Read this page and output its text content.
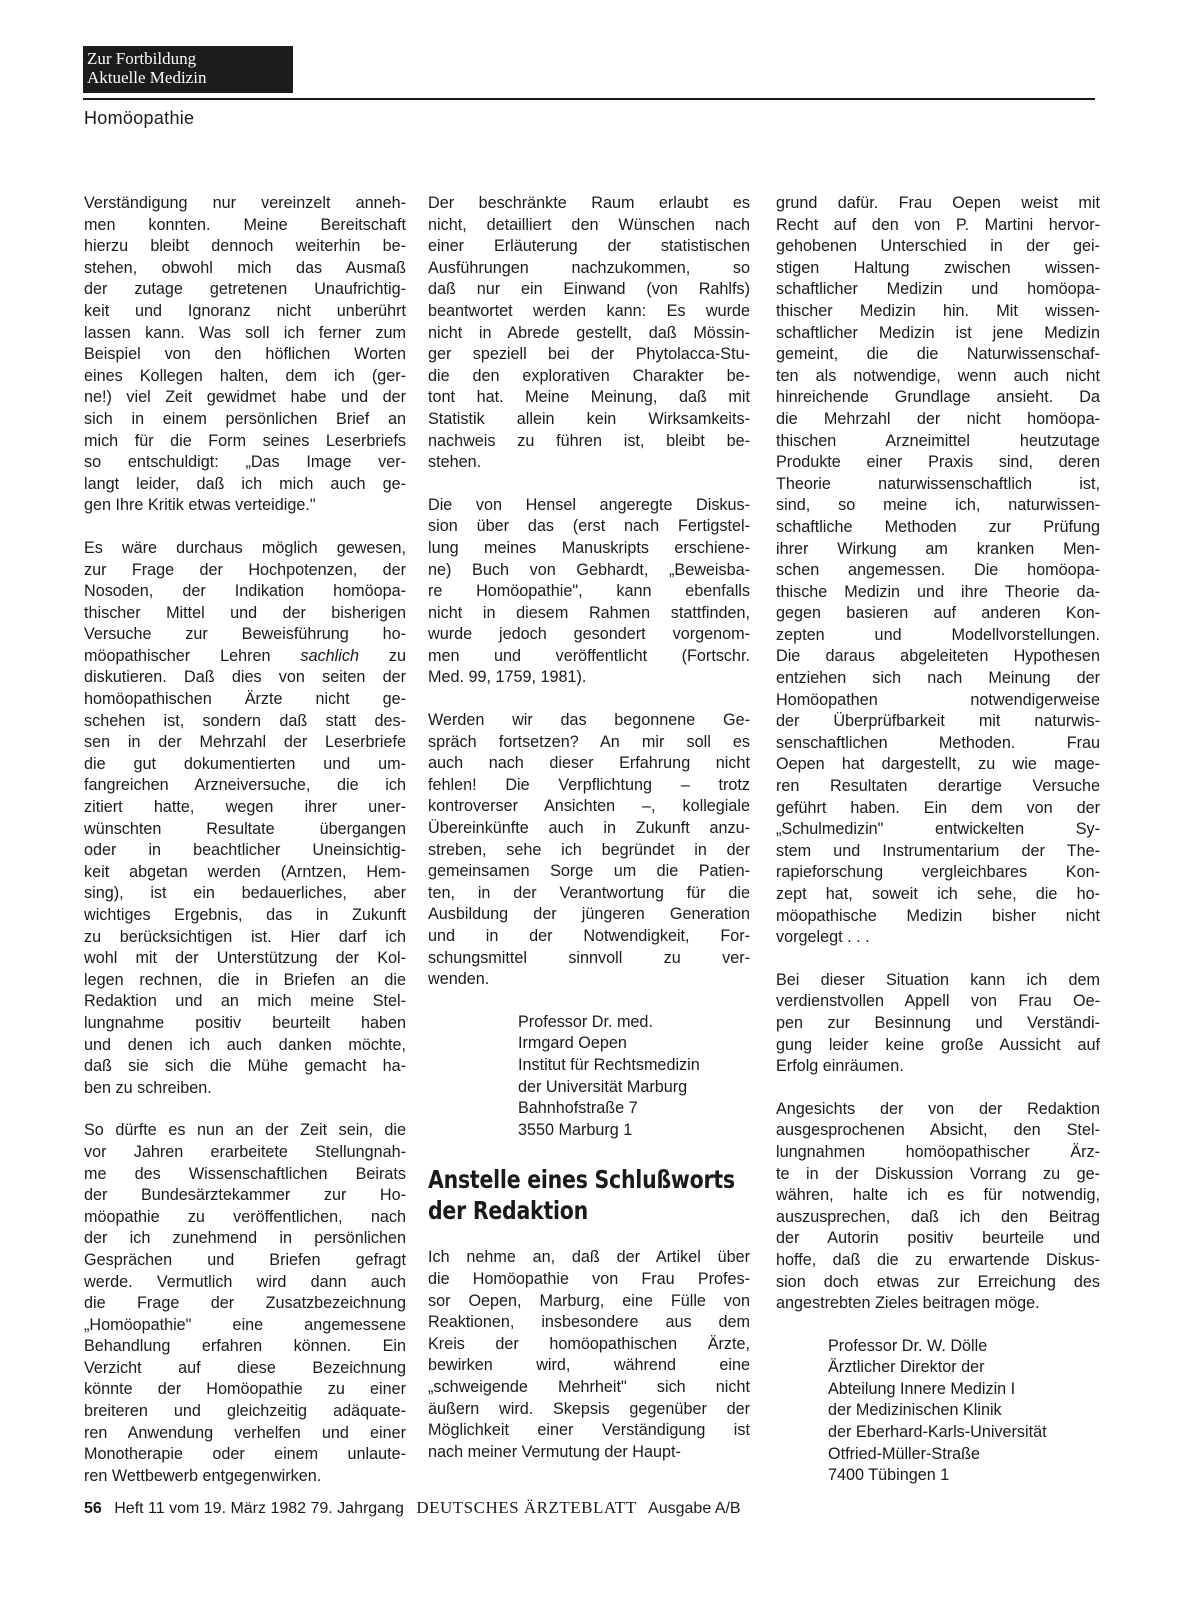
Zur Fortbildung
Aktuelle Medizin
Homöopathie

Verständigung nur vereinzelt anneh-
men konnten. Meine Bereitschaft
hierzu bleibt dennoch weiterhin be-
stehen, obwohl mich das Ausmaß
der zutage getretenen Unaufrichtig-
keit und Ignoranz nicht unberührt
lassen kann. Was soll ich ferner zum
Beispiel von den höflichen Worten
eines Kollegen halten, dem ich (ger-
ne!) viel Zeit gewidmet habe und der
sich in einem persönlichen Brief an
mich für die Form seines Leserbriefs
so entschuldigt: „Das Image ver-
langt leider, daß ich mich auch ge-
gen Ihre Kritik etwas verteidige."

Es wäre durchaus möglich gewesen,
zur Frage der Hochpotenzen, der
Nosoden, der Indikation homöopa-
thischer Mittel und der bisherigen
Versuche zur Beweisführung ho-
möopathischer Lehren sachlich zu
diskutieren. Daß dies von seiten der
homöopathischen Ärzte nicht ge-
schehen ist, sondern daß statt des-
sen in der Mehrzahl der Leserbriefe
die gut dokumentierten und um-
fangreichen Arzneiversuche, die ich
zitiert hatte, wegen ihrer uner-
wünschten Resultate übergangen
oder in beachtlicher Uneinsichtig-
keit abgetan werden (Arntzen, Hem-
sing), ist ein bedauerliches, aber
wichtiges Ergebnis, das in Zukunft
zu berücksichtigen ist. Hier darf ich
wohl mit der Unterstützung der Kol-
legen rechnen, die in Briefen an die
Redaktion und an mich meine Stel-
lungnahme positiv beurteilt haben
und denen ich auch danken möchte,
daß sie sich die Mühe gemacht ha-
ben zu schreiben.

So dürfte es nun an der Zeit sein, die
vor Jahren erarbeitete Stellungnah-
me des Wissenschaftlichen Beirats
der Bundesärztekammer zur Ho-
möopathie zu veröffentlichen, nach
der ich zunehmend in persönlichen
Gesprächen und Briefen gefragt
werde. Vermutlich wird dann auch
die Frage der Zusatzbezeichnung
„Homöopathie" eine angemessene
Behandlung erfahren können. Ein
Verzicht auf diese Bezeichnung
könnte der Homöopathie zu einer
breiteren und gleichzeitig adäquate-
ren Anwendung verhelfen und einer
Monotherapie oder einem unlaute-
ren Wettbewerb entgegenwirken.

Der beschränkte Raum erlaubt es
nicht, detailliert den Wünschen nach
einer Erläuterung der statistischen
Ausführungen nachzukommen, so
daß nur ein Einwand (von Rahlfs)
beantwortet werden kann: Es wurde
nicht in Abrede gestellt, daß Mössin-
ger speziell bei der Phytolacca-Stu-
die den explorativen Charakter be-
tont hat. Meine Meinung, daß mit
Statistik allein kein Wirksamkeits-
nachweis zu führen ist, bleibt be-
stehen.

Die von Hensel angeregte Diskus-
sion über das (erst nach Fertigstel-
lung meines Manuskripts erschiene-
ne) Buch von Gebhardt, „Beweisba-
re Homöopathie", kann ebenfalls
nicht in diesem Rahmen stattfinden,
wurde jedoch gesondert vorgenom-
men und veröffentlicht (Fortschr.
Med. 99, 1759, 1981).

Werden wir das begonnene Ge-
spräch fortsetzen? An mir soll es
auch nach dieser Erfahrung nicht
fehlen! Die Verpflichtung – trotz
kontroverser Ansichten –, kollegiale
Übereinkünfte auch in Zukunft anzu-
streben, sehe ich begründet in der
gemeinsamen Sorge um die Patien-
ten, in der Verantwortung für die
Ausbildung der jüngeren Generation
und in der Notwendigkeit, For-
schungsmittel sinnvoll zu ver-
wenden.

Professor Dr. med.
Irmgard Oepen
Institut für Rechtsmedizin
der Universität Marburg
Bahnhofstraße 7
3550 Marburg 1
Anstelle eines Schlußworts
der Redaktion

Ich nehme an, daß der Artikel über
die Homöopathie von Frau Profes-
sor Oepen, Marburg, eine Fülle von
Reaktionen, insbesondere aus dem
Kreis der homöopathischen Ärzte,
bewirken wird, während eine
„schweigende Mehrheit" sich nicht
äußern wird. Skepsis gegenüber der
Möglichkeit einer Verständigung ist
nach meiner Vermutung der Haupt-

grund dafür. Frau Oepen weist mit
Recht auf den von P. Martini hervor-
gehobenen Unterschied in der gei-
stigen Haltung zwischen wissen-
schaftlicher Medizin und homöopa-
thischer Medizin hin. Mit wissen-
schaftlicher Medizin ist jene Medizin
gemeint, die die Naturwissenschaf-
ten als notwendige, wenn auch nicht
hinreichende Grundlage ansieht. Da
die Mehrzahl der nicht homöopa-
thischen Arzneimittel heutzutage
Produkte einer Praxis sind, deren
Theorie naturwissenschaftlich ist,
sind, so meine ich, naturwissen-
schaftliche Methoden zur Prüfung
ihrer Wirkung am kranken Men-
schen angemessen. Die homöopa-
thische Medizin und ihre Theorie da-
gegen basieren auf anderen Kon-
zepten und Modellvorstellungen.
Die daraus abgeleiteten Hypothesen
entziehen sich nach Meinung der
Homöopathen notwendigerweise
der Überprüfbarkeit mit naturwis-
senschaftlichen Methoden. Frau
Oepen hat dargestellt, zu wie mage-
ren Resultaten derartige Versuche
geführt haben. Ein dem von der
„Schulmedizin" entwickelten Sy-
stem und Instrumentarium der The-
rapieforschung vergleichbares Kon-
zept hat, soweit ich sehe, die ho-
möopathische Medizin bisher nicht
vorgelegt . . .

Bei dieser Situation kann ich dem
verdienstvollen Appell von Frau Oe-
pen zur Besinnung und Verständi-
gung leider keine große Aussicht auf
Erfolg einräumen.

Angesichts der von der Redaktion
ausgesprochenen Absicht, den Stel-
lungnahmen homöopathischer Ärz-
te in der Diskussion Vorrang zu ge-
währen, halte ich es für notwendig,
auszusprechen, daß ich den Beitrag
der Autorin positiv beurteile und
hoffe, daß die zu erwartende Diskus-
sion doch etwas zur Erreichung des
angestrebten Zieles beitragen möge.

Professor Dr. W. Dölle
Ärztlicher Direktor der
Abteilung Innere Medizin I
der Medizinischen Klinik
der Eberhard-Karls-Universität
Otfried-Müller-Straße
7400 Tübingen 1
56 Heft 11 vom 19. März 1982 79. Jahrgang DEUTSCHES ÄRZTEBLATT Ausgabe A/B
